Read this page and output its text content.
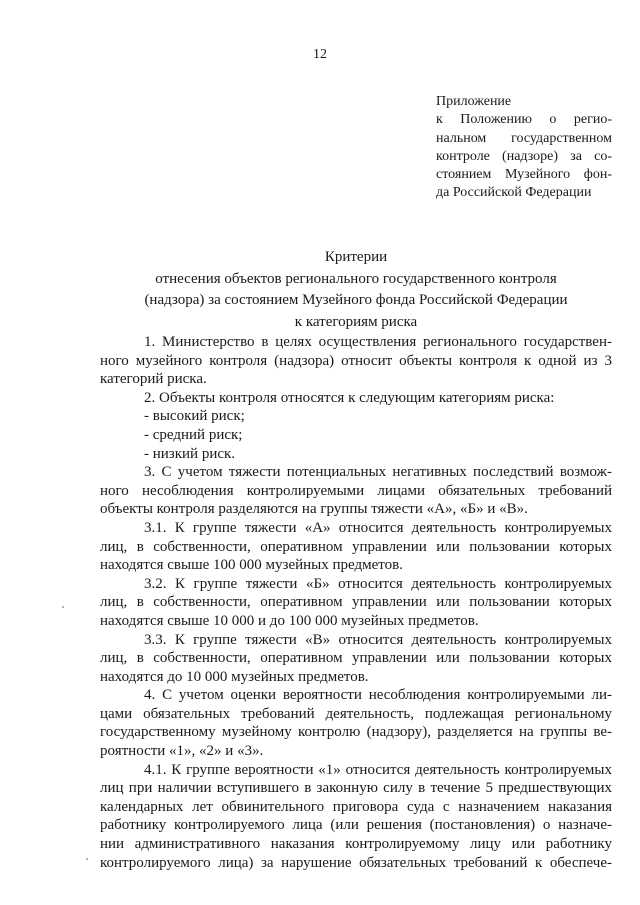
12
Приложение
к Положению о регио-
нальном государственном
контроле (надзоре) за со-
стоянием Музейного фон-
да Российской Федерации
Критерии
отнесения объектов регионального государственного контроля
(надзора) за состоянием Музейного фонда Российской Федерации
к категориям риска
1. Министерство в целях осуществления регионального государствен-
ного музейного контроля (надзора) относит объекты контроля к одной из 3
категорий риска.
2. Объекты контроля относятся к следующим категориям риска:
- высокий риск;
- средний риск;
- низкий риск.
3. С учетом тяжести потенциальных негативных последствий возмож-
ного несоблюдения контролируемыми лицами обязательных требований
объекты контроля разделяются на группы тяжести «А», «Б» и «В».
3.1. К группе тяжести «А» относится деятельность контролируемых
лиц, в собственности, оперативном управлении или пользовании которых
находятся свыше 100 000 музейных предметов.
3.2. К группе тяжести «Б» относится деятельность контролируемых
лиц, в собственности, оперативном управлении или пользовании которых
находятся свыше 10 000 и до 100 000 музейных предметов.
3.3. К группе тяжести «В» относится деятельность контролируемых
лиц, в собственности, оперативном управлении или пользовании которых
находятся до 10 000 музейных предметов.
4. С учетом оценки вероятности несоблюдения контролируемыми ли-
цами обязательных требований деятельность, подлежащая региональному
государственному музейному контролю (надзору), разделяется на группы ве-
роятности «1», «2» и «3».
4.1. К группе вероятности «1» относится деятельность контролируемых
лиц при наличии вступившего в законную силу в течение 5 предшествующих
календарных лет обвинительного приговора суда с назначением наказания
работнику контролируемого лица (или решения (постановления) о назначе-
нии административного наказания контролируемому лицу или работнику
контролируемого лица) за нарушение обязательных требований к обеспече-
